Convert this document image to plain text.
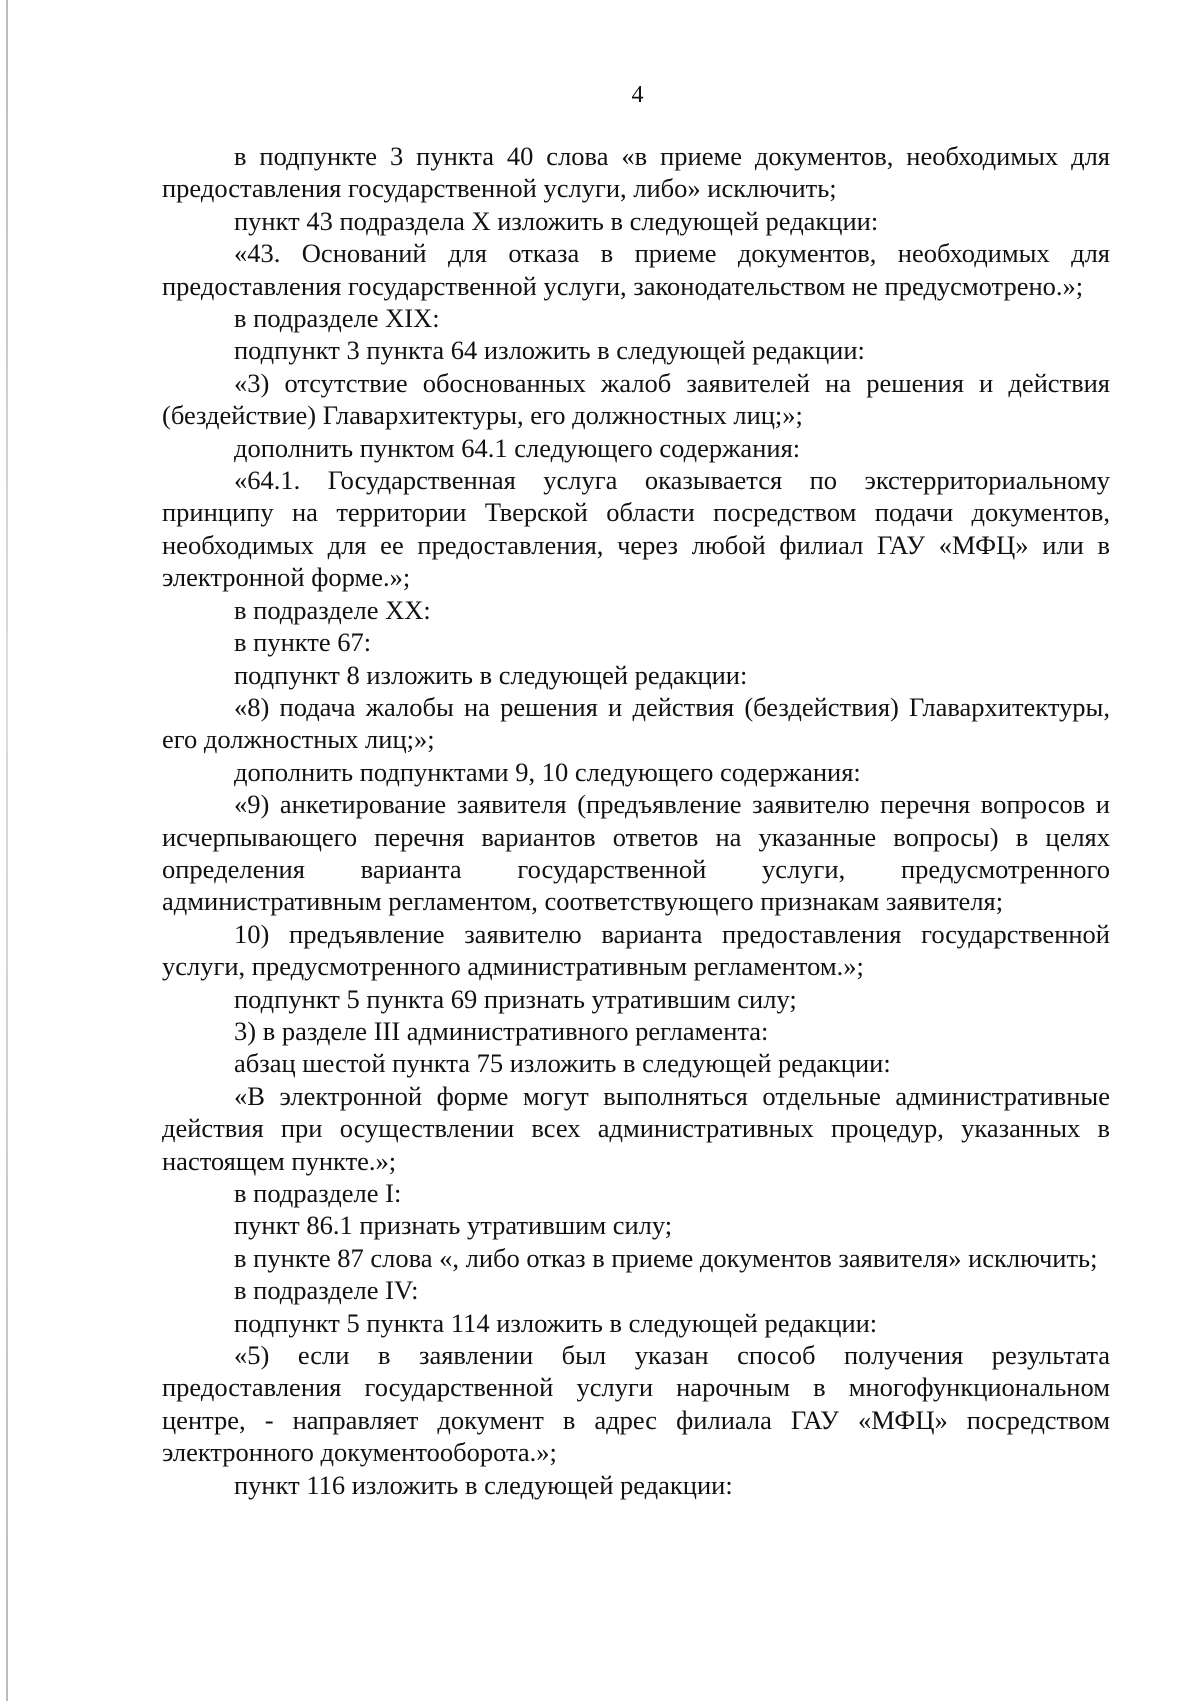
4

в подпункте 3 пункта 40 слова «в приеме документов, необходимых для предоставления государственной услуги, либо» исключить;

пункт 43 подраздела X изложить в следующей редакции:

«43. Оснований для отказа в приеме документов, необходимых для предоставления государственной услуги, законодательством не предусмотрено.»;

в подразделе XIX:

подпункт 3 пункта 64 изложить в следующей редакции:

«3) отсутствие обоснованных жалоб заявителей на решения и действия (бездействие) Главархитектуры, его должностных лиц;»;

дополнить пунктом 64.1 следующего содержания:

«64.1. Государственная услуга оказывается по экстерриториальному принципу на территории Тверской области посредством подачи документов, необходимых для ее предоставления, через любой филиал ГАУ «МФЦ» или в электронной форме.»;

в подразделе XX:

в пункте 67:

подпункт 8 изложить в следующей редакции:

«8) подача жалобы на решения и действия (бездействия) Главархитектуры, его должностных лиц;»;

дополнить подпунктами 9, 10 следующего содержания:

«9) анкетирование заявителя (предъявление заявителю перечня вопросов и исчерпывающего перечня вариантов ответов на указанные вопросы) в целях определения варианта государственной услуги, предусмотренного административным регламентом, соответствующего признакам заявителя;

10) предъявление заявителю варианта предоставления государственной услуги, предусмотренного административным регламентом.»;

подпункт 5 пункта 69 признать утратившим силу;

3) в разделе III административного регламента:

абзац шестой пункта 75 изложить в следующей редакции:

«В электронной форме могут выполняться отдельные административные действия при осуществлении всех административных процедур, указанных в настоящем пункте.»;

в подразделе I:

пункт 86.1 признать утратившим силу;

в пункте 87 слова «, либо отказ в приеме документов заявителя» исключить;

в подразделе IV:

подпункт 5 пункта 114 изложить в следующей редакции:

«5) если в заявлении был указан способ получения результата предоставления государственной услуги нарочным в многофункциональном центре, - направляет документ в адрес филиала ГАУ «МФЦ» посредством электронного документооборота.»;

пункт 116 изложить в следующей редакции:
